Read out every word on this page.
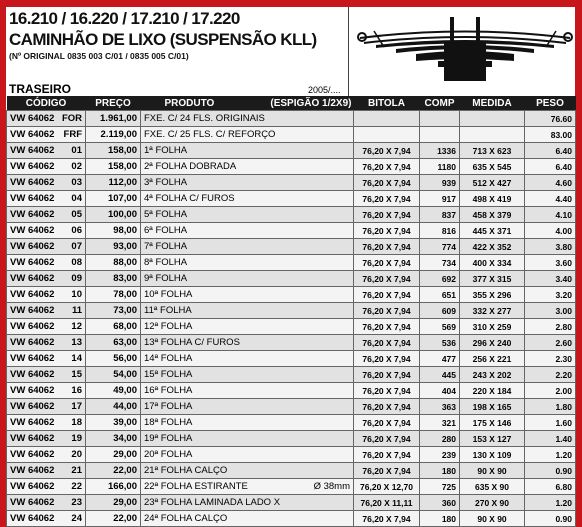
16.210 / 16.220 / 17.210 / 17.220
CAMINHÃO DE LIXO (SUSPENSÃO KLL)
(Nº ORIGINAL 0835 003 C/01 / 0835 005 C/01)
TRASEIRO	2005/....
CÓDIGO	PREÇO	PRODUTO (ESPIGÃO 1/2X9)	BITOLA	COMP	MEDIDA	PESO

VW 64062 FOR	1.961,00	FXE. C/ 24 FLS. ORIGINAIS				76.60

VW 64062 FRF	2.119,00	FXE. C/ 25 FLS. C/ REFORÇO				83.00

VW 64062 01	158,00	1ª FOLHA	76,20 X 7,94	1336	713 X 623	6.40

VW 64062 02	158,00	2ª FOLHA DOBRADA	76,20 X 7,94	1180	635 X 545	6.40

VW 64062 03	112,00	3ª FOLHA	76,20 X 7,94	939	512 X 427	4.60

VW 64062 04	107,00	4ª FOLHA C/ FUROS	76,20 X 7,94	917	498 X 419	4.40

VW 64062 05	100,00	5ª FOLHA	76,20 X 7,94	837	458 X 379	4.10

VW 64062 06	98,00	6ª FOLHA	76,20 X 7,94	816	445 X 371	4.00

VW 64062 07	93,00	7ª FOLHA	76,20 X 7,94	774	422 X 352	3.80

VW 64062 08	88,00	8ª FOLHA	76,20 X 7,94	734	400 X 334	3.60

VW 64062 09	83,00	9ª FOLHA	76,20 X 7,94	692	377 X 315	3.40

VW 64062 10	78,00	10ª FOLHA	76,20 X 7,94	651	355 X 296	3.20

VW 64062 11	73,00	11ª FOLHA	76,20 X 7,94	609	332 X 277	3.00

VW 64062 12	68,00	12ª FOLHA	76,20 X 7,94	569	310 X 259	2.80

VW 64062 13	63,00	13ª FOLHA C/ FUROS	76,20 X 7,94	536	296 X 240	2.60

VW 64062 14	56,00	14ª FOLHA	76,20 X 7,94	477	256 X 221	2.30

VW 64062 15	54,00	15ª FOLHA	76,20 X 7,94	445	243 X 202	2.20

VW 64062 16	49,00	16ª FOLHA	76,20 X 7,94	404	220 X 184	2.00

VW 64062 17	44,00	17ª FOLHA	76,20 X 7,94	363	198 X 165	1.80

VW 64062 18	39,00	18ª FOLHA	76,20 X 7,94	321	175 X 146	1.60

VW 64062 19	34,00	19ª FOLHA	76,20 X 7,94	280	153 X 127	1.40

VW 64062 20	29,00	20ª FOLHA	76,20 X 7,94	239	130 X 109	1.20

VW 64062 21	22,00	21ª FOLHA CALÇO	76,20 X 7,94	180	90 X 90	0.90

VW 64062 22	166,00	22ª FOLHA ESTIRANTE Ø 38mm	76,20 X 12,70	725	635 X 90	6.80

VW 64062 23	29,00	23ª FOLHA LAMINADA LADO X	76,20 X 11,11	360	270 X 90	1.20

VW 64062 24	22,00	24ª FOLHA CALÇO	76,20 X 7,94	180	90 X 90	0.90
